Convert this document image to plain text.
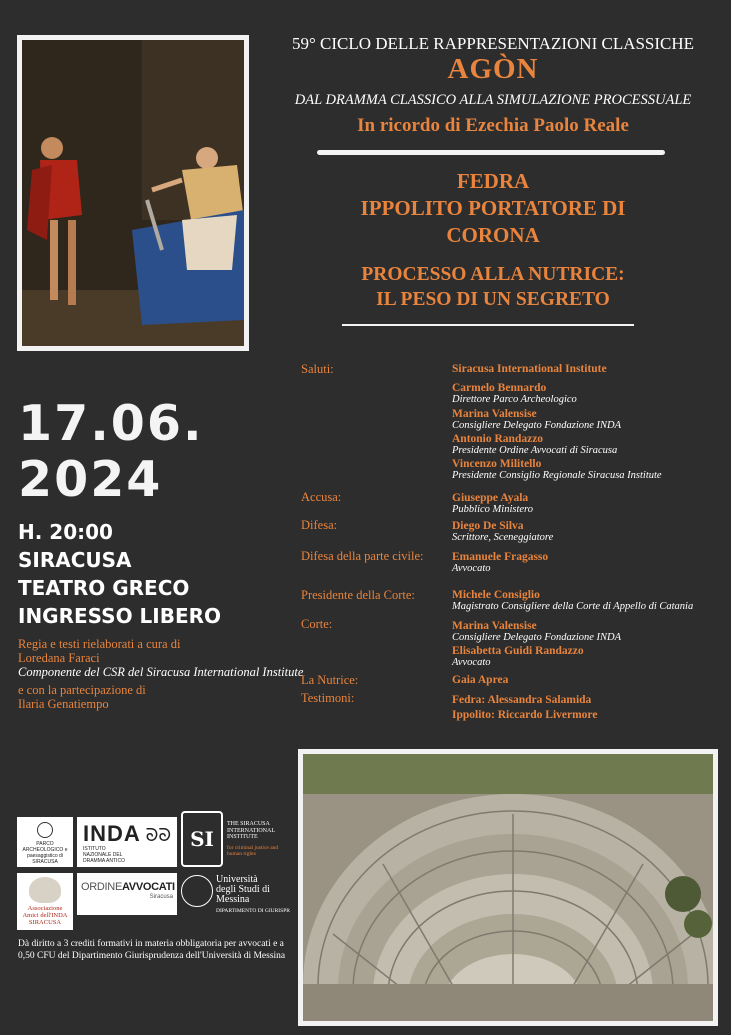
59° CICLO DELLE RAPPRESENTAZIONI CLASSICHE
AGÒN
DAL DRAMMA CLASSICO ALLA SIMULAZIONE PROCESSUALE
In ricordo di Ezechia Paolo Reale
FEDRA
IPPOLITO PORTATORE DI
CORONA
PROCESSO ALLA NUTRICE:
IL PESO DI UN SEGRETO
17.06.
2024
H. 20:00
SIRACUSA
TEATRO GRECO
INGRESSO LIBERO
Regia e testi rielaborati a cura di
Loredana Faraci
Componente del CSR del Siracusa International Institute
e con la partecipazione di
Ilaria Genatiempo
Saluti:	Siracusa International Institute
Carmelo Bennardo
Direttore Parco Archeologico
Marina Valensise
Consigliere Delegato Fondazione INDA
Antonio Randazzo
Presidente Ordine Avvocati di Siracusa
Vincenzo Militello
Presidente Consiglio Regionale Siracusa Institute
Accusa:	Giuseppe Ayala
Pubblico Ministero
Difesa:	Diego De Silva
Scrittore, Sceneggiatore
Difesa della parte civile: Emanuele Fragasso
Avvocato
Presidente della Corte:	Michele Consiglio
Magistrato Consigliere della Corte di Appello di Catania
Corte:	Marina Valensise
Consigliere Delegato Fondazione INDA
Elisabetta Guidi Randazzo
Avvocato
La Nutrice:	Gaia Aprea
Testimoni:	Fedra: Alessandra Salamida
Ippolito: Riccardo Livermore
PARCO ARCHEOLOGICO e paesaggistico di SIRACUSA
INDA
ISTITUTO NAZIONALE DEL DRAMMA ANTICO
ᘐᘐ SI
THE SIRACUSA INTERNATIONAL INSTITUTE
for criminal justice and human rights
Associazione Amici dell'INDA SIRACUSA
ORDINEAVVOCATI
Siracusa
Università
degli Studi di
Messina
DIPARTIMENTO DI GIURISPR
Dà diritto a 3 crediti formativi in materia obbligatoria per avvocati e a 0,50 CFU del Dipartimento Giurisprudenza dell'Università di Messina
